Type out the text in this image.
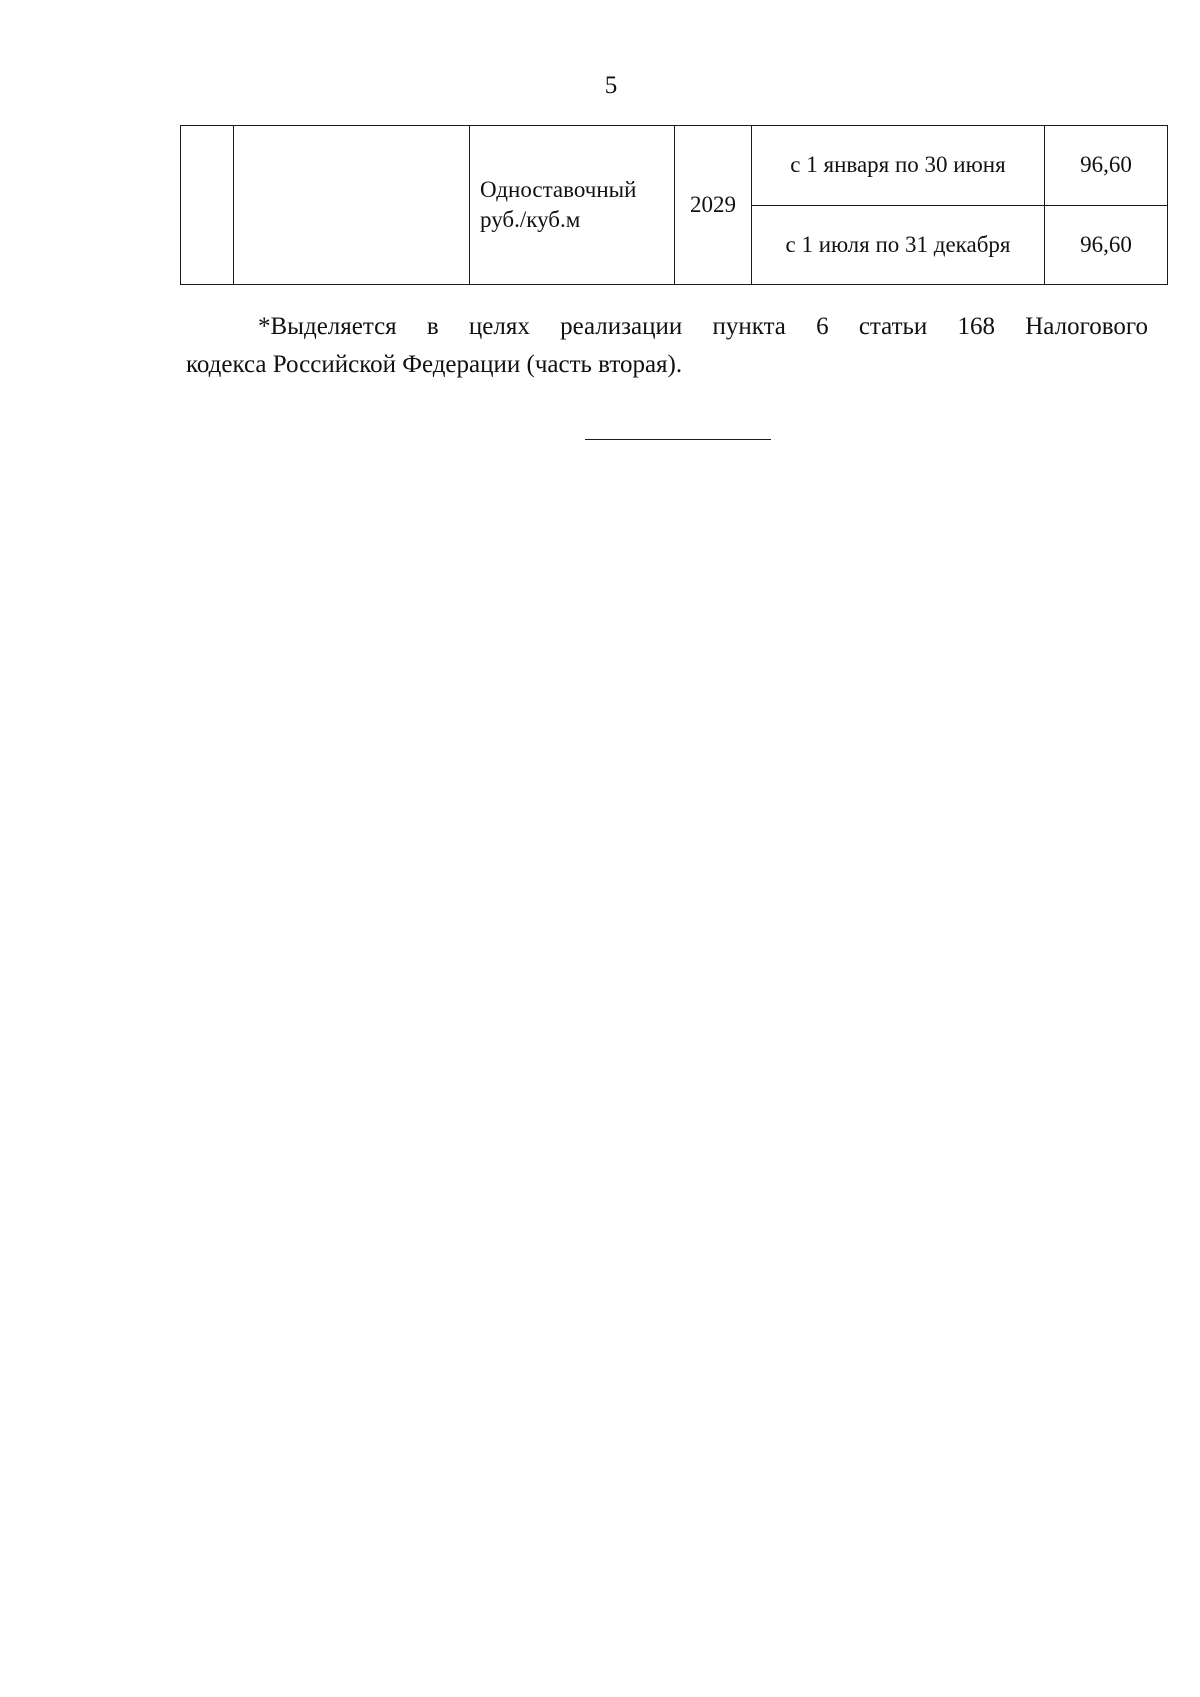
5
		Одноставочный руб./куб.м	2029	с 1 января по 30 июня	96,60
				с 1 июля по 31 декабря	96,60
*Выделяется в целях реализации пункта 6 статьи 168 Налогового
кодекса Российской Федерации (часть вторая).
